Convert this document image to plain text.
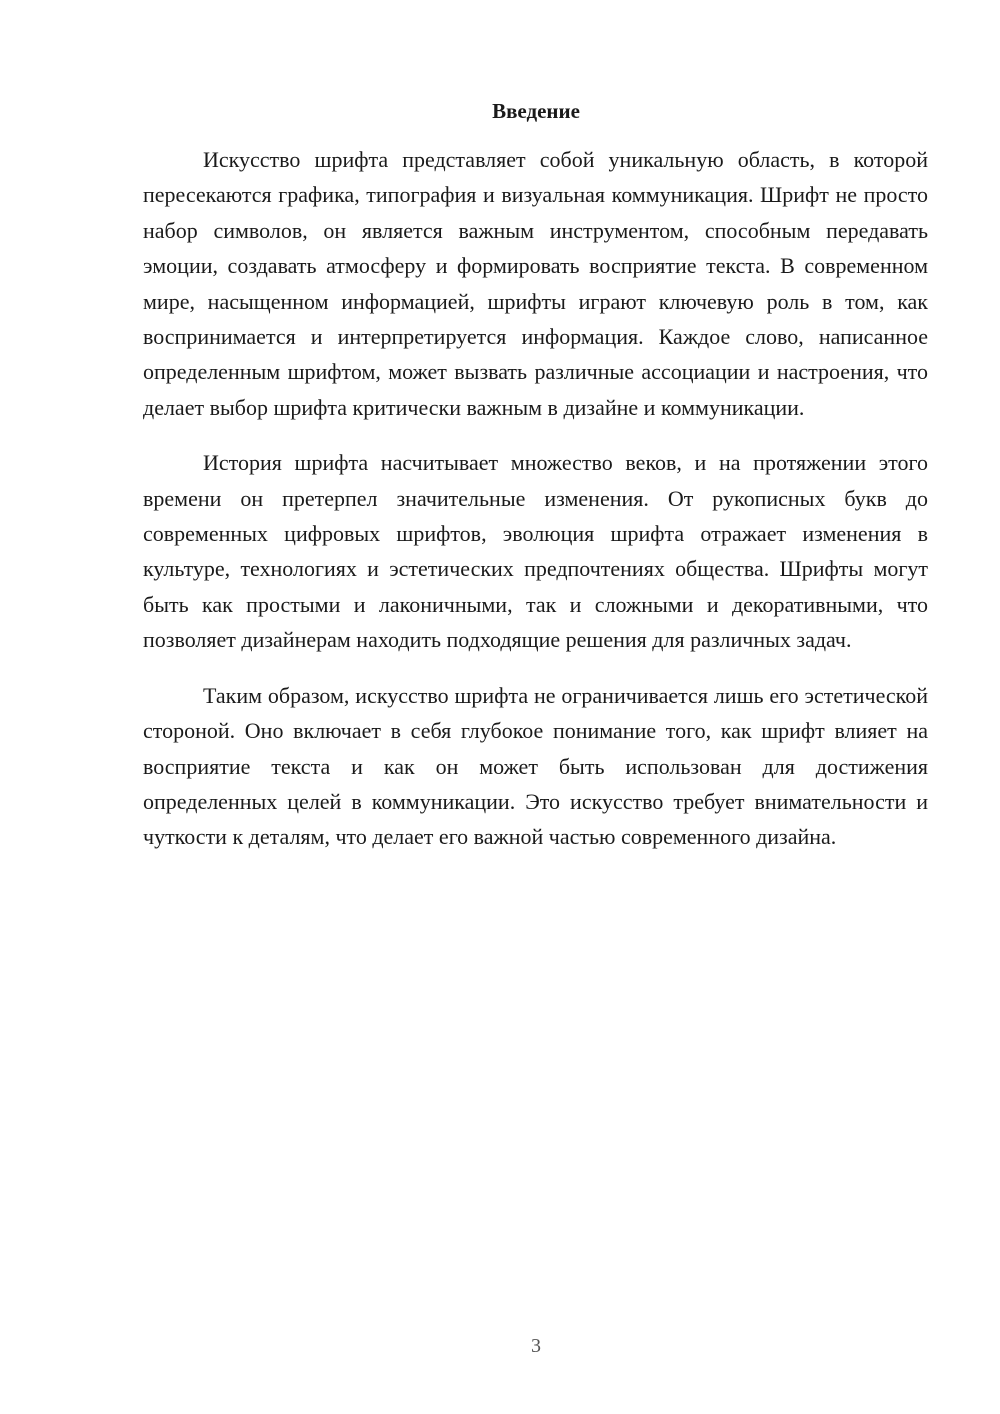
Введение

Искусство шрифта представляет собой уникальную область, в которой пересекаются графика, типография и визуальная коммуникация. Шрифт не просто набор символов, он является важным инструментом, способным передавать эмоции, создавать атмосферу и формировать восприятие текста. В современном мире, насыщенном информацией, шрифты играют ключевую роль в том, как воспринимается и интерпретируется информация. Каждое слово, написанное определенным шрифтом, может вызвать различные ассоциации и настроения, что делает выбор шрифта критически важным в дизайне и коммуникации.

История шрифта насчитывает множество веков, и на протяжении этого времени он претерпел значительные изменения. От рукописных букв до современных цифровых шрифтов, эволюция шрифта отражает изменения в культуре, технологиях и эстетических предпочтениях общества. Шрифты могут быть как простыми и лаконичными, так и сложными и декоративными, что позволяет дизайнерам находить подходящие решения для различных задач.

Таким образом, искусство шрифта не ограничивается лишь его эстетической стороной. Оно включает в себя глубокое понимание того, как шрифт влияет на восприятие текста и как он может быть использован для достижения определенных целей в коммуникации. Это искусство требует внимательности и чуткости к деталям, что делает его важной частью современного дизайна.

3
